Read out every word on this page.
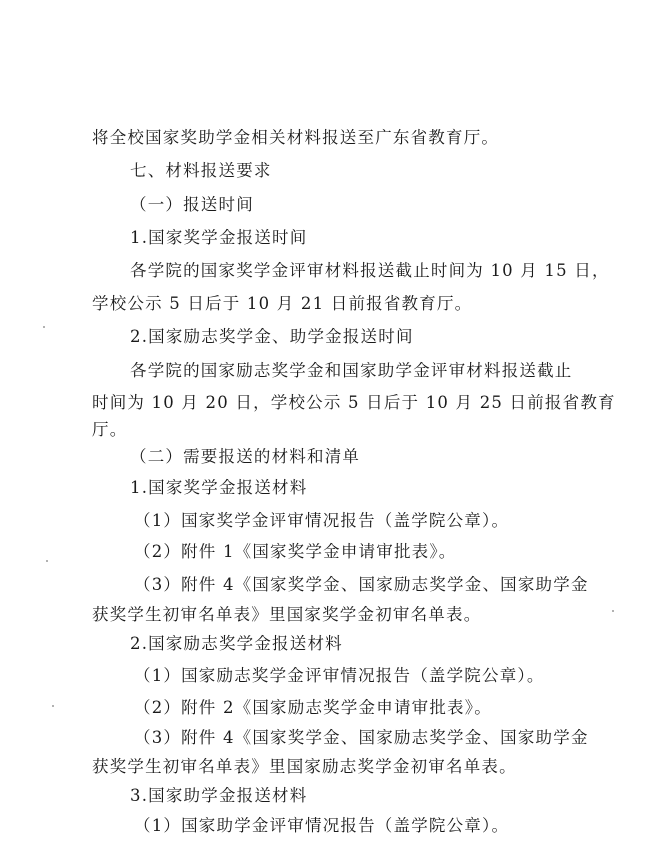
将全校国家奖助学金相关材料报送至广东省教育厅。
七、材料报送要求
（一）报送时间
1.国家奖学金报送时间
各学院的国家奖学金评审材料报送截止时间为 10 月 15 日，
学校公示 5 日后于 10 月 21 日前报省教育厅。
2.国家励志奖学金、助学金报送时间
各学院的国家励志奖学金和国家助学金评审材料报送截止
时间为 10 月 20 日，学校公示 5 日后于 10 月 25 日前报省教育
厅。
（二）需要报送的材料和清单
1.国家奖学金报送材料
（1）国家奖学金评审情况报告（盖学院公章）。
（2）附件 1《国家奖学金申请审批表》。
（3）附件 4《国家奖学金、国家励志奖学金、国家助学金
获奖学生初审名单表》里国家奖学金初审名单表。
2.国家励志奖学金报送材料
（1）国家励志奖学金评审情况报告（盖学院公章）。
（2）附件 2《国家励志奖学金申请审批表》。
（3）附件 4《国家奖学金、国家励志奖学金、国家助学金
获奖学生初审名单表》里国家励志奖学金初审名单表。
3.国家助学金报送材料
（1）国家助学金评审情况报告（盖学院公章）。
